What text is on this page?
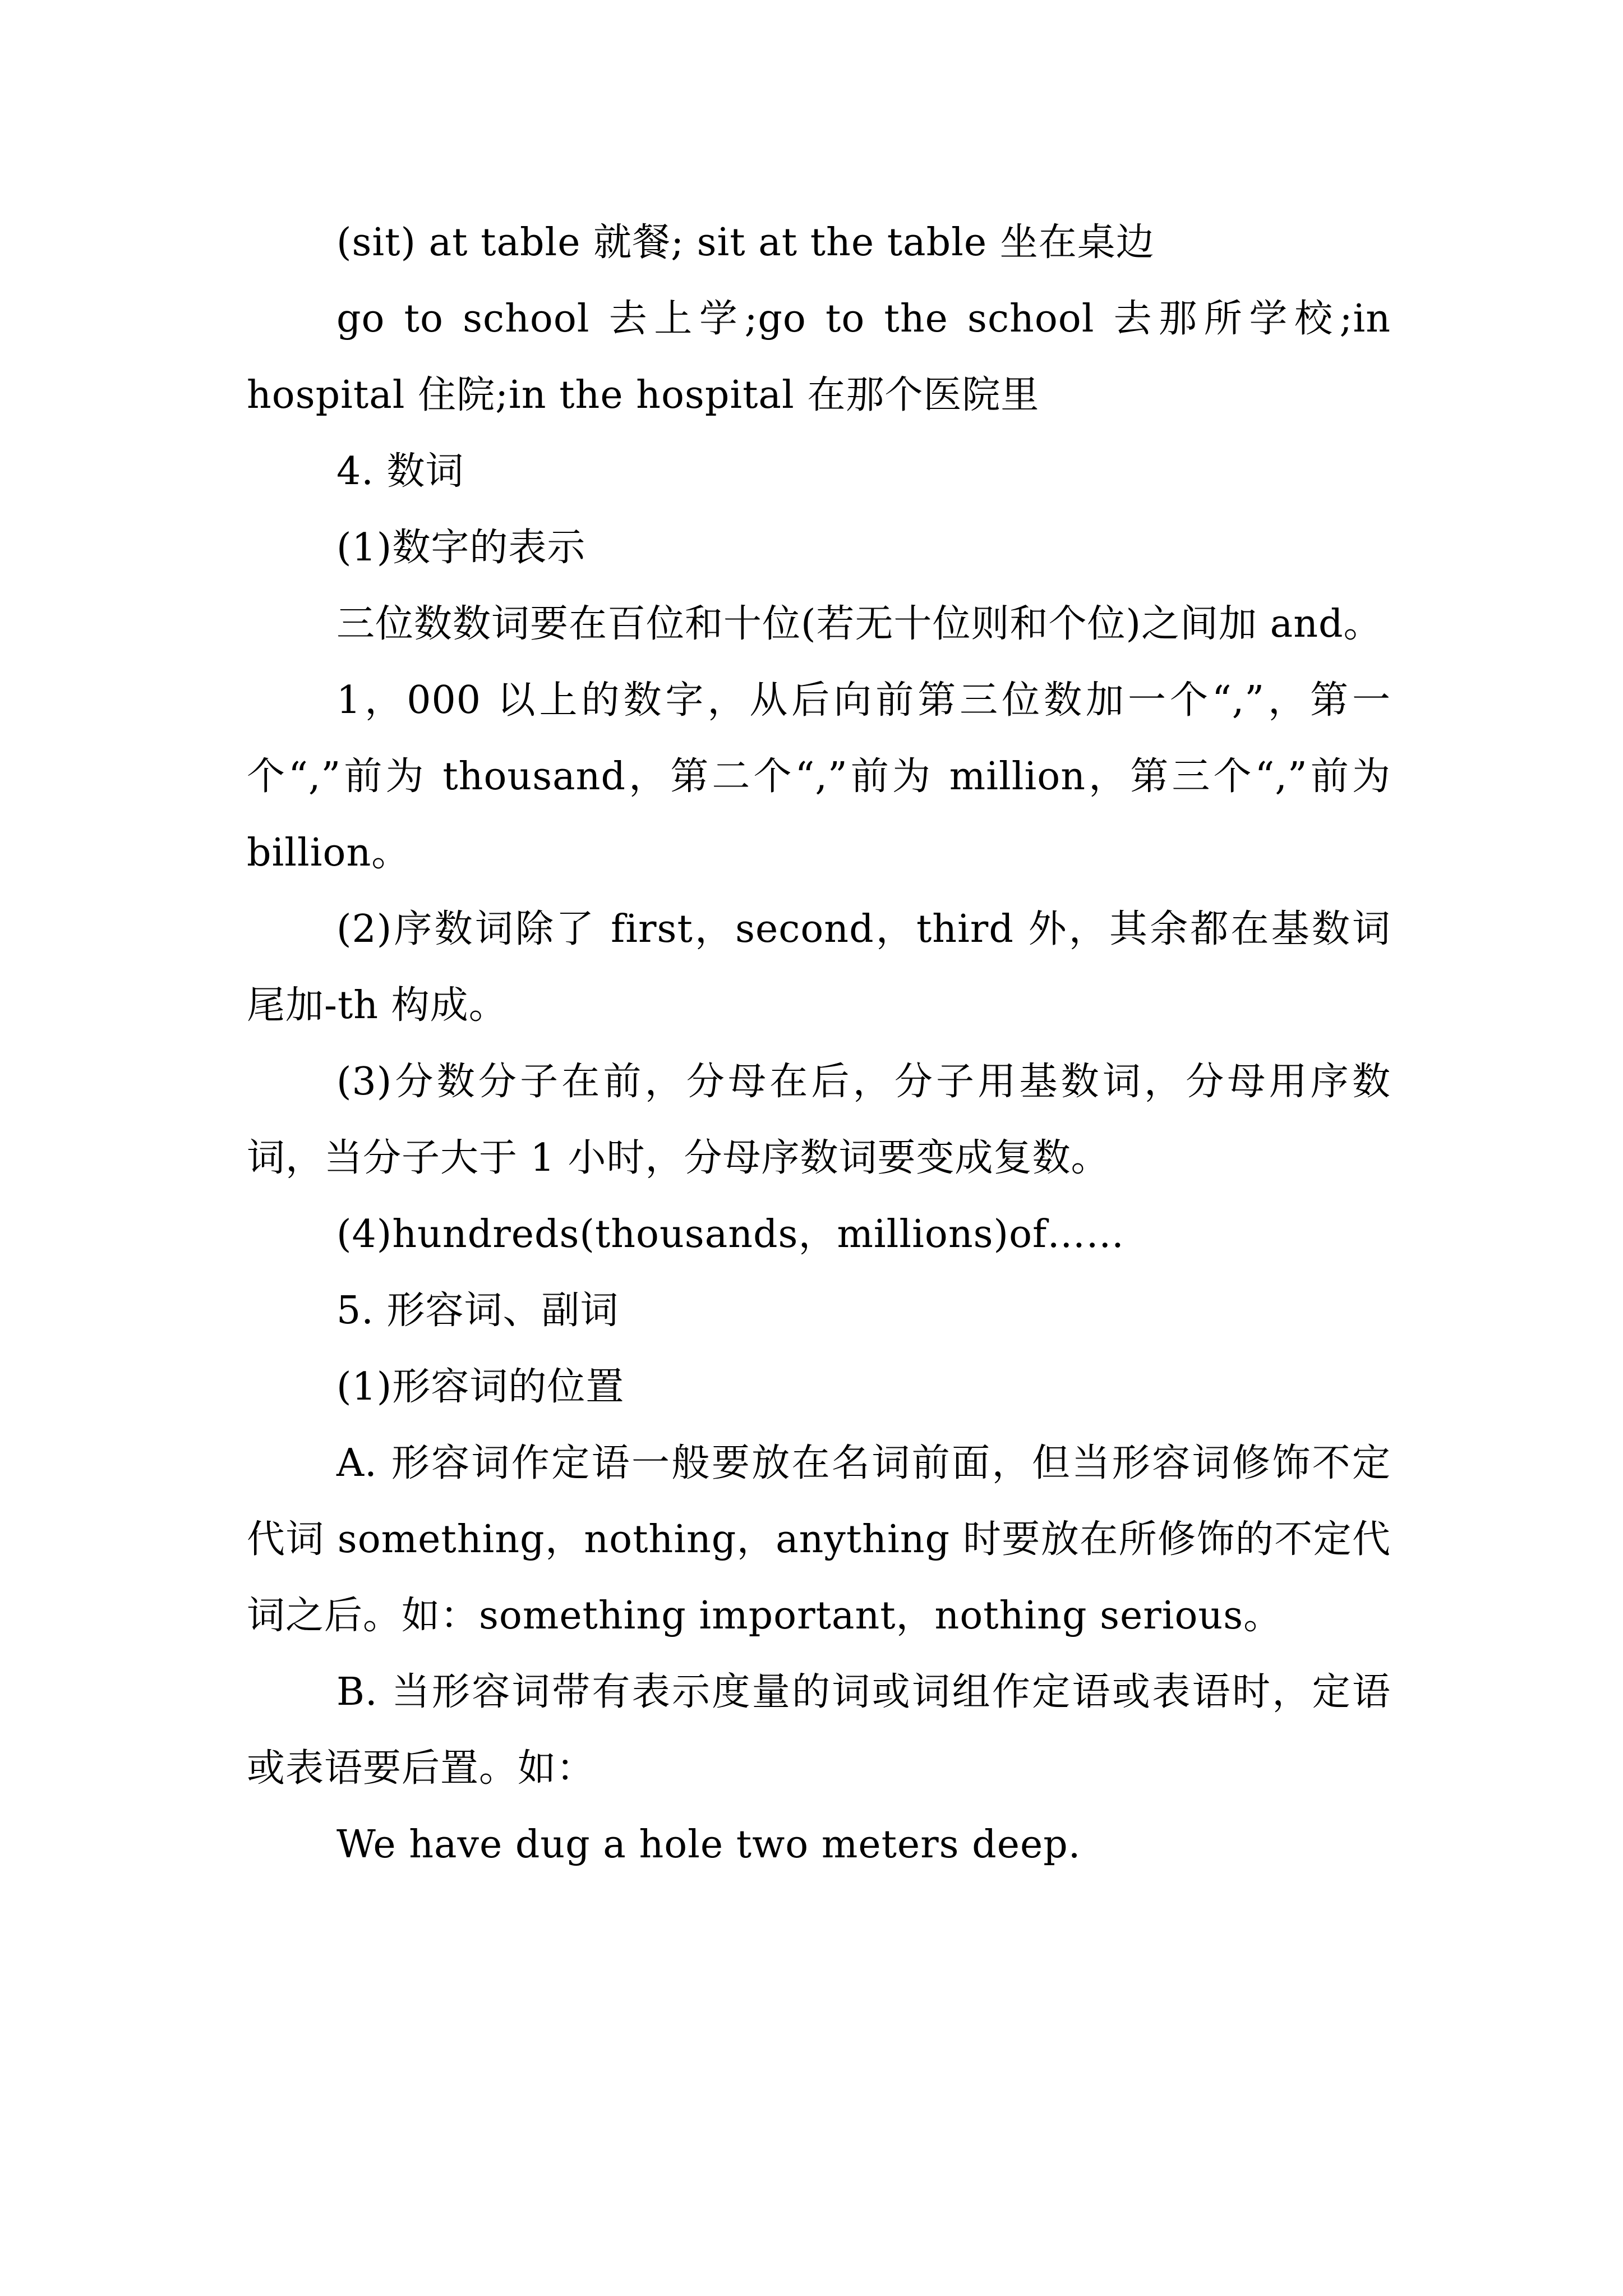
(sit) at table 就餐; sit at the table 坐在桌边

go to school 去上学;go to the school 去那所学校;in hospital 住院;in the hospital 在那个医院里

4. 数词

(1)数字的表示

三位数数词要在百位和十位(若无十位则和个位)之间加 and。

1，000 以上的数字，从后向前第三位数加一个“,”，第一个“,”前为 thousand，第二个“,”前为 million，第三个“,”前为 billion。

(2)序数词除了 first，second，third 外，其余都在基数词尾加-th 构成。

(3)分数分子在前，分母在后，分子用基数词，分母用序数词，当分子大于 1 小时，分母序数词要变成复数。

(4)hundreds(thousands，millions)of……

5. 形容词、副词

(1)形容词的位置

A. 形容词作定语一般要放在名词前面，但当形容词修饰不定代词 something，nothing，anything 时要放在所修饰的不定代词之后。如：something important，nothing serious。

B. 当形容词带有表示度量的词或词组作定语或表语时，定语或表语要后置。如：

We have dug a hole two meters deep.
